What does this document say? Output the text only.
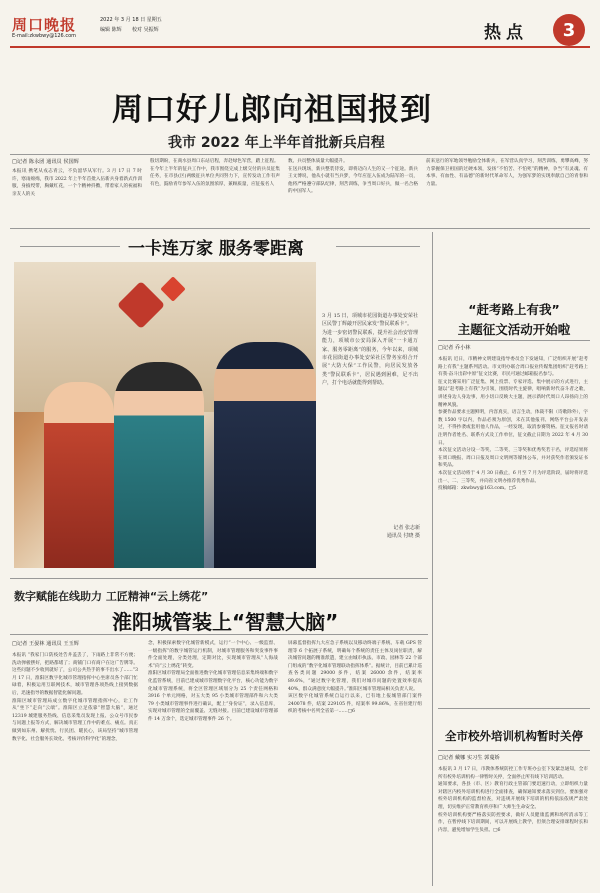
周口晚报	2022 年 3 月 18 日 星期五
E-mail:zkwbwy@126.com
编辑 陈辉 校对 吴振辉	热点 3
周口好儿郎向祖国报到
我市 2022 年上半年首批新兵启程
□记者 陈永团 通讯员 侯国辉
本报讯 携笔从戎志青云，不负韶华从军行。3 月 17 日 7 时许，寒雨绵绵，我市 2022 年上半年首批入伍新兵身着新式作训服，身披绶带，胸戴红花，一个个精神抖擞，带着家人的祝福和亲友人的关
殷切期盼，在商水县周口东站启程，奔赴绿色军营，踏上征程。
在今年上半年的征兵工作中，我市围绕完成上级交付的兵员征集任务，在市县(区)两级征兵单位共同努力下，宣传发动工作有声有色，鼓励青年参军入伍的氛围浓厚，兼顾质量，应征报名人
数、兵员整体质量大幅提升。
在送兵现场，新兵整装待发，即将迈向人生的又一个征途。新兵王文博说，他从小就有当兵梦，今年应征入伍成为陆军的一员，他将严格遵守部队纪律，刻苦训练，争当周口好兵，做一名合格的中国军人。
前来送行的军地领导勉励全体新兵，在军营认真学习，刻苦训练，勇攀高峰，努力掌握保卫祖国的过硬本领，发扬“不怕苦、不怕死”的精神，争当“有灵魂、有本事、有血性、有品德”的新时代革命军人，为强军梦的实现奉献自己的青春和力量。
一卡连万家 服务零距离
3 月 15 日，项城市花园街道办事处安荣社区民警丁辉敲开居民家发“警民联系卡”。
为进一步密切警民联系，提升社会治安管理能力，项城市公安局深入开展“一卡通万家、服务零距离”的服务，今年以来，项城市花园街道办事处安荣社区警务室组合开展“大防大保”工作民警，向居民发放各类“警民联系卡”，居民遇到困难，足不出户，打个电话就能得到帮助。
记者 张志新
通讯员 付晓 摄
数字赋能在线助力 工匠精神“云上绣花”
淮阳城管装上“智慧大脑”
□记者 王晏林 通讯员 王玉辉
本报讯 “我家门口防疫处告井盖丢了，下雨路上非常不方便；洗动弹板摆好，把路都堵了；商铺门口有商户在这广告牌等。这些问题不少收到就好了，公司公共热手的事不出水了……”3 月 17 日，淮阳区数字化城市管理指挥中心坐席员各个部门忙碌着，积极运用互联网技术，城市管理各项热线上接到数据后，迅速指导的数据智能化解问题。
淮阳区城市管理局成立数字化城市管理指挥中心，让工作从“坐下”走向“云端”。淮阳区立足依靠“智慧大脑”，通过 12319 城建服务热线、信息采集员发现上报、公众号市民参与问题上报等方式，解决城市管理工作中的难点、痛点。真正做到如东州、解扰忧、行民团、暖民心，该局坚持“城市管理数字化、社会服务长效化、考核评价科学化”的理念，
念，积极探索数字化城管新模式，运行“一个中心、一级监督、一级指挥”的数字城管运行机制，对城市管理服务和突发事件事件全面处理，分类处理，定期对比，实现城市管理从“人海战术”向“云上绣花”转变。
淮阳区城市管理局全面推进数字化城市管理信息采集终端和数字化监管系统，目前已建成城市管理数字化平台，核心功能为数字化城市管理系统，将全区管理区域划分为 25 个责任网格和 3916 个单元网格，对五大类 95 小类城市管理部件和六大类 79 小类城市管理事件进行确认，配上“身份证”，录入信息库，实现对城市管理的全面覆盖、无缝对接。目前已建设城市管理部件 14 万余个，选定城市管理事件 26 个。
屏幕监督指挥九大应急子系统以及移动终端子系统、车载 GPS 管理等 6 个拓展子系统，明确每个系统的责任主体及岗位职责，解决城管问题的精准派遣，建立由城市执法、市政、园林等 22 个部门组成的“数字化城市管理联动指挥体系”。据统计，目前已累计巡查各类问题 29000 多件，结案 26000 余件，结案率 89.6%，“通过数字化管理，我们对城市问题的处置效率提高 40%，群众满意度大幅提升。”淮阳区城市管理局相关负责人说。
该区数字化城管系统自运行以来，已有地上报城管部门案件 240078 件，结案 229105 件，结案率 99.86%，在省住建厅组织的考核中名列全省第一……□6
“赶考路上有我”
主题征文活动开始啦
□记者 乔小林
本报讯 近日，市精神文明建设指导委员会下发通知，广泛组织开展“赶考路上有我”主题系列活动。市文明办联合周口报业传媒集团组织“赶考路上有我·奋斗出彩中原”征文比赛，市民可通过邮箱报名参与。
征文比赛采用广泛征集、网上投票、专家评选、集中展示的方式进行，主题以“赶考路上有我”为引领，围绕时代主旋律，唱响新时代奋斗者之歌，讲述身边人身边事，用小切口反映大主题，展示新时代周口人昂扬向上的精神风貌。
参赛作品要求主题鲜明，内容真实，语言生动，体裁不限（诗歌除外），字数 1500 字以内，作品必须为原创，未在其他报刊、网络平台公开发表过，不得抄袭或套用他人作品，一经发现，取消参赛资格。征文报名时请注明作者姓名、联系方式及工作单位，征文截止日期为 2022 年 4 月 30 日。
本次征文活动分设一等奖、二等奖、三等奖和优秀奖若干名，评选结果将在周口晚报、周口日报及周口文明网等媒体公布，并对获奖作者颁发证书和奖品。
本次征文活动将于 4 月 30 日截止，6 月至 7 月为评选阶段，届时将评选出一、二、三等奖，并向省文明办推荐优秀作品。
投稿邮箱：zkwbwy@163.com。□5
全市校外培训机构暂时关停
□记者 戴娜 实习生 郭蔓娇
本报讯 3 月 17 日，市教体系统防控工作专班办公室下发紧急通知，全市所有校外培训机构一律暂时关停，全面停止所有线下培训活动。
通知要求，各县（市、区）教育行政主管部门要迅速行动，立即组织力量对辖区内校外培训机构进行全面排查，确保通知要求落实到位。要加强对校外培训机构的监督检查，对违规开展线下培训的机构依法依规严肃处理，切实维护正常教育秩序和广大师生生命安全。
校外培训机构要严格落实防控要求，做好人员健康监测和场所消杀等工作，在暂停线下培训期间，可以开展线上教学，但须合理安排课程时长和内容，避免增加学生负担。□6
